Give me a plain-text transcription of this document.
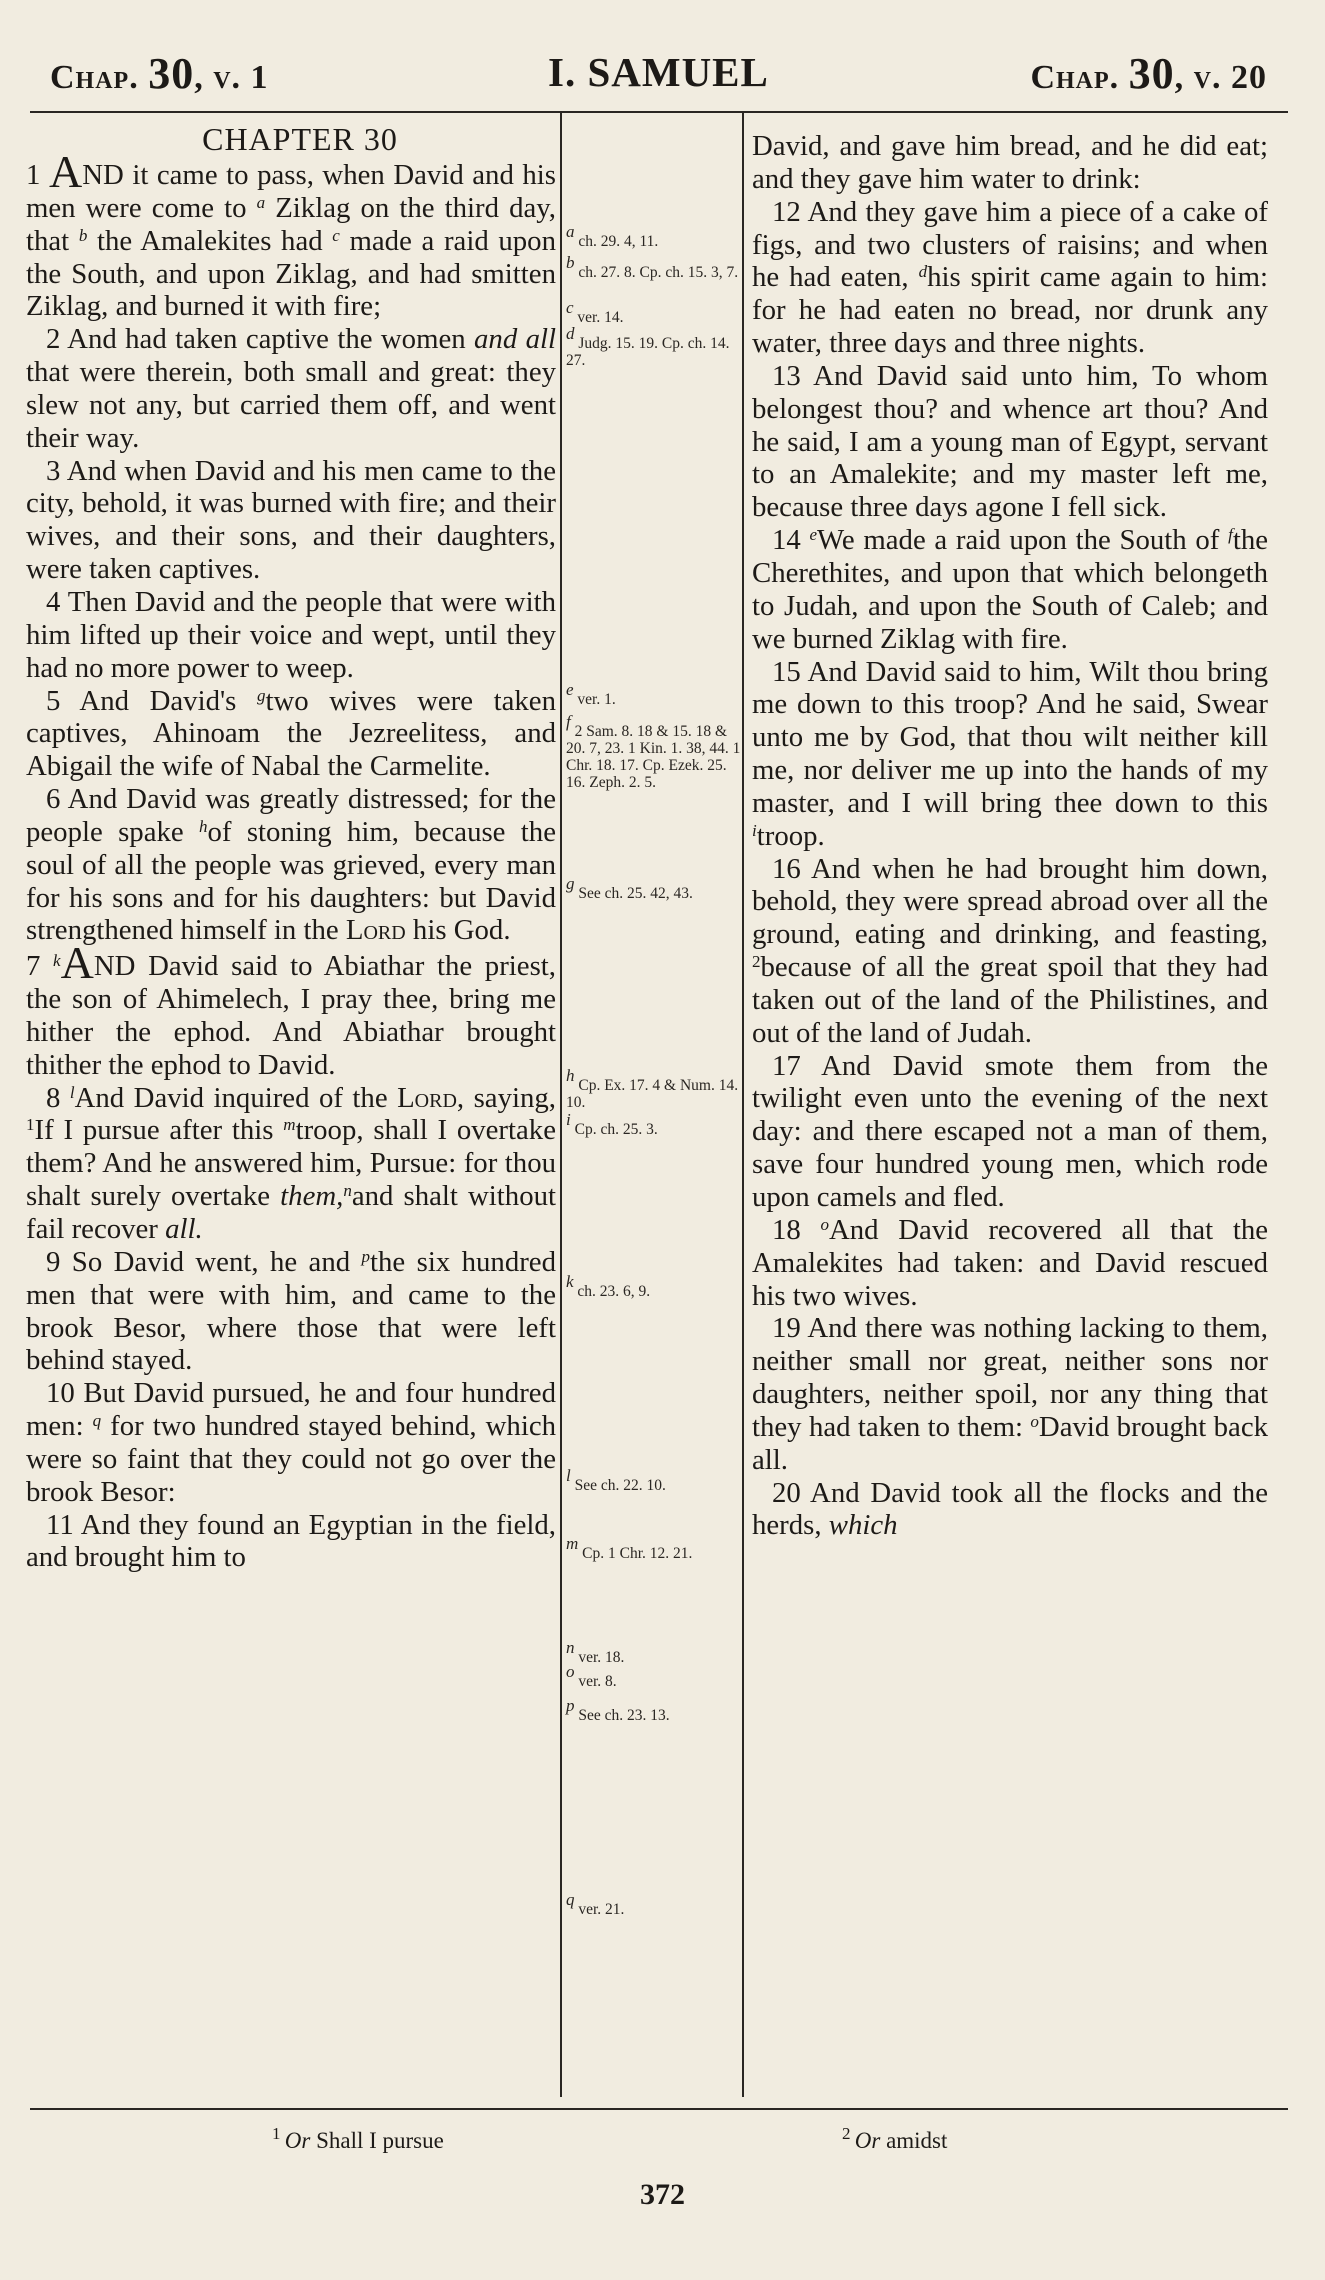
Chap. 30, v. 1	I. SAMUEL	Chap. 30, v. 20
CHAPTER 30

1 AND it came to pass, when David and his men were come to $^a$ Ziklag on the third day, that $^b$ the Amalekites had $^c$ made a raid upon the South, and upon Ziklag, and had smitten Ziklag, and burned it with fire;

2 And had taken captive the women and all that were therein, both small and great: they slew not any, but carried them off, and went their way.

3 And when David and his men came to the city, behold, it was burned with fire; and their wives, and their sons, and their daughters, were taken captives.

4 Then David and the people that were with him lifted up their voice and wept, until they had no more power to weep.

5 And David's $^g$two wives were taken captives, Ahinoam the Jezreelitess, and Abigail the wife of Nabal the Carmelite.

6 And David was greatly distressed; for the people spake $^h$of stoning him, because the soul of all the people was grieved, every man for his sons and for his daughters: but David strengthened himself in the Lord his God.

7 $^k$AND David said to Abiathar the priest, the son of Ahimelech, I pray thee, bring me hither the ephod. And Abiathar brought thither the ephod to David.

8 $^l$And David inquired of the Lord, saying, $^1$If I pursue after this $^m$troop, shall I overtake them? And he answered him, Pursue: for thou shalt surely overtake them,$^n$and shalt without fail recover all.

9 So David went, he and $^p$the six hundred men that were with him, and came to the brook Besor, where those that were left behind stayed.

10 But David pursued, he and four hundred men: $^q$ for two hundred stayed behind, which were so faint that they could not go over the brook Besor:

11 And they found an Egyptian in the field, and brought him to

$^a$ ch. 29. 4, 11.
$^b$ ch. 27. 8. Cp. ch. 15. 3, 7.
$^c$ ver. 14.
$^d$ Judg. 15. 19. Cp. ch. 14. 27.
$^e$ ver. 1.
$^f$ 2 Sam. 8. 18 & 15. 18 & 20. 7, 23. 1 Kin. 1. 38, 44. 1 Chr. 18. 17. Cp. Ezek. 25. 16. Zeph. 2. 5.
$^g$ See ch. 25. 42, 43.
$^h$ Cp. Ex. 17. 4 & Num. 14. 10.
$^i$ Cp. ch. 25. 3.
$^k$ ch. 23. 6, 9.
$^l$ See ch. 22. 10.
$^m$ Cp. 1 Chr. 12. 21.
$^n$ ver. 18.
$^o$ ver. 8.
$^p$ See ch. 23. 13.
$^q$ ver. 21.

David, and gave him bread, and he did eat; and they gave him water to drink:

12 And they gave him a piece of a cake of figs, and two clusters of raisins; and when he had eaten, $^d$his spirit came again to him: for he had eaten no bread, nor drunk any water, three days and three nights.

13 And David said unto him, To whom belongest thou? and whence art thou? And he said, I am a young man of Egypt, servant to an Amalekite; and my master left me, because three days agone I fell sick.

14 $^e$We made a raid upon the South of $^f$the Cherethites, and upon that which belongeth to Judah, and upon the South of Caleb; and we burned Ziklag with fire.

15 And David said to him, Wilt thou bring me down to this troop? And he said, Swear unto me by God, that thou wilt neither kill me, nor deliver me up into the hands of my master, and I will bring thee down to this $^i$troop.

16 And when he had brought him down, behold, they were spread abroad over all the ground, eating and drinking, and feasting, $^2$because of all the great spoil that they had taken out of the land of the Philistines, and out of the land of Judah.

17 And David smote them from the twilight even unto the evening of the next day: and there escaped not a man of them, save four hundred young men, which rode upon camels and fled.

18 $^o$And David recovered all that the Amalekites had taken: and David rescued his two wives.

19 And there was nothing lacking to them, neither small nor great, neither sons nor daughters, neither spoil, nor any thing that they had taken to them: $^o$David brought back all.

20 And David took all the flocks and the herds, which

$^1$ Or Shall I pursue	$^2$ Or amidst
372
